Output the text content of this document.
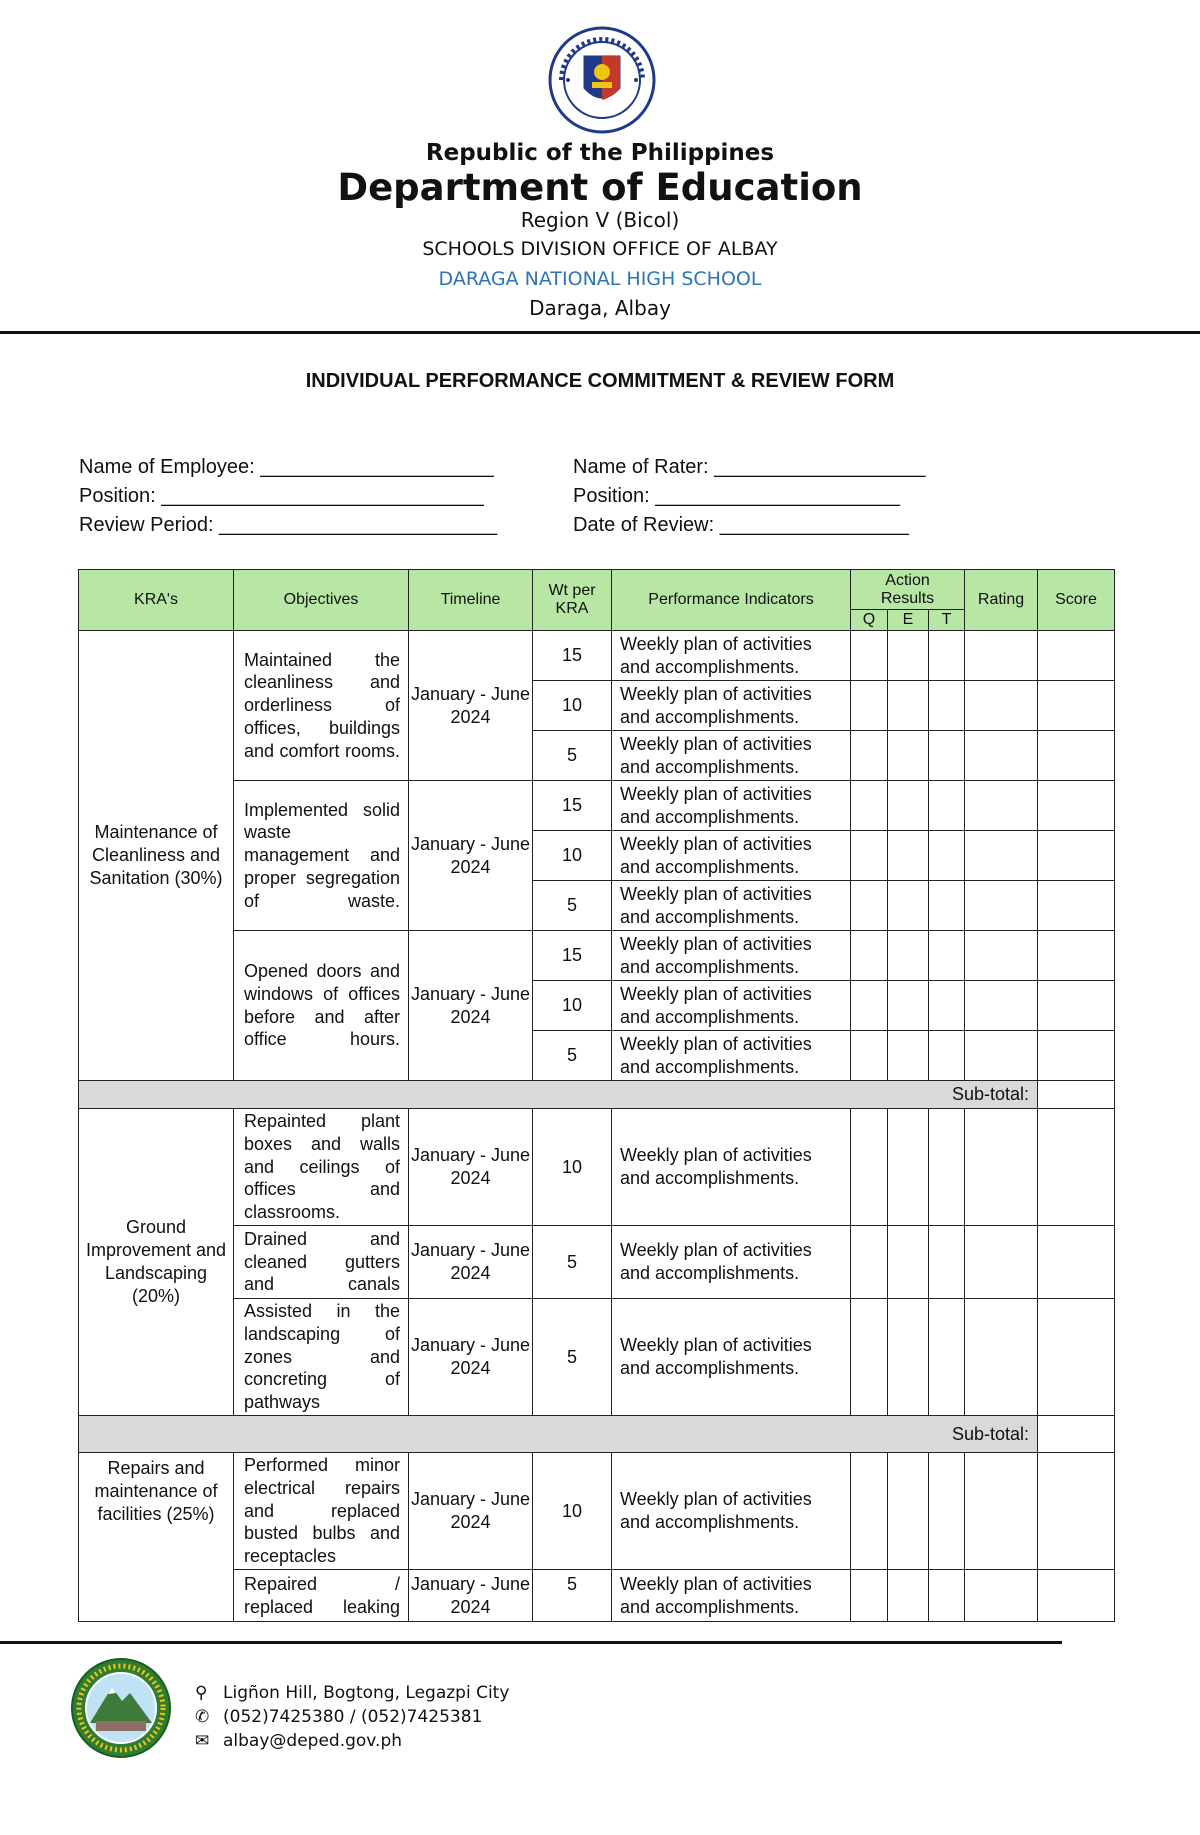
Republic of the Philippines
Department of Education
Region V (Bicol)
SCHOOLS DIVISION OFFICE OF ALBAY
DARAGA NATIONAL HIGH SCHOOL
Daraga, Albay
INDIVIDUAL PERFORMANCE COMMITMENT & REVIEW FORM
Name of Employee: _____________________
Position: _____________________________
Review Period: _________________________
Name of Rater: ___________________
Position: ______________________
Date of Review: _________________
KRA's	Objectives	Timeline	Wt per KRA	Performance Indicators	Action Results			Rating	Score
					Q	E	T		
Maintenance of Cleanliness and Sanitation (30%)	Maintained the cleanliness and orderliness of offices, buildings and comfort rooms.	January - June 2024	15	Weekly plan of activities and accomplishments.					
			10	Weekly plan of activities and accomplishments.					
			5	Weekly plan of activities and accomplishments.					
	Implemented solid waste management and proper segregation of waste.	January - June 2024	15	Weekly plan of activities and accomplishments.					
			10	Weekly plan of activities and accomplishments.					
			5	Weekly plan of activities and accomplishments.					
	Opened doors and windows of offices before and after office hours.	January - June 2024	15	Weekly plan of activities and accomplishments.					
			10	Weekly plan of activities and accomplishments.					
			5	Weekly plan of activities and accomplishments.					
Sub-total:									
Ground Improvement and Landscaping (20%)	Repainted plant boxes and walls and ceilings of offices and classrooms.	January - June 2024	10	Weekly plan of activities and accomplishments.					
	Drained and cleaned gutters and canals	January - June 2024	5	Weekly plan of activities and accomplishments.					
	Assisted in the landscaping of zones and concreting of pathways	January - June 2024	5	Weekly plan of activities and accomplishments.					
Sub-total:									
Repairs and maintenance of facilities (25%)	Performed minor electrical repairs and replaced busted bulbs and receptacles	January - June 2024	10	Weekly plan of activities and accomplishments.					
	Repaired / replaced leaking	January - June 2024	5	Weekly plan of activities and accomplishments.					
⚲ Ligñon Hill, Bogtong, Legazpi City
✆ (052)7425380 / (052)7425381
✉ albay@deped.gov.ph
